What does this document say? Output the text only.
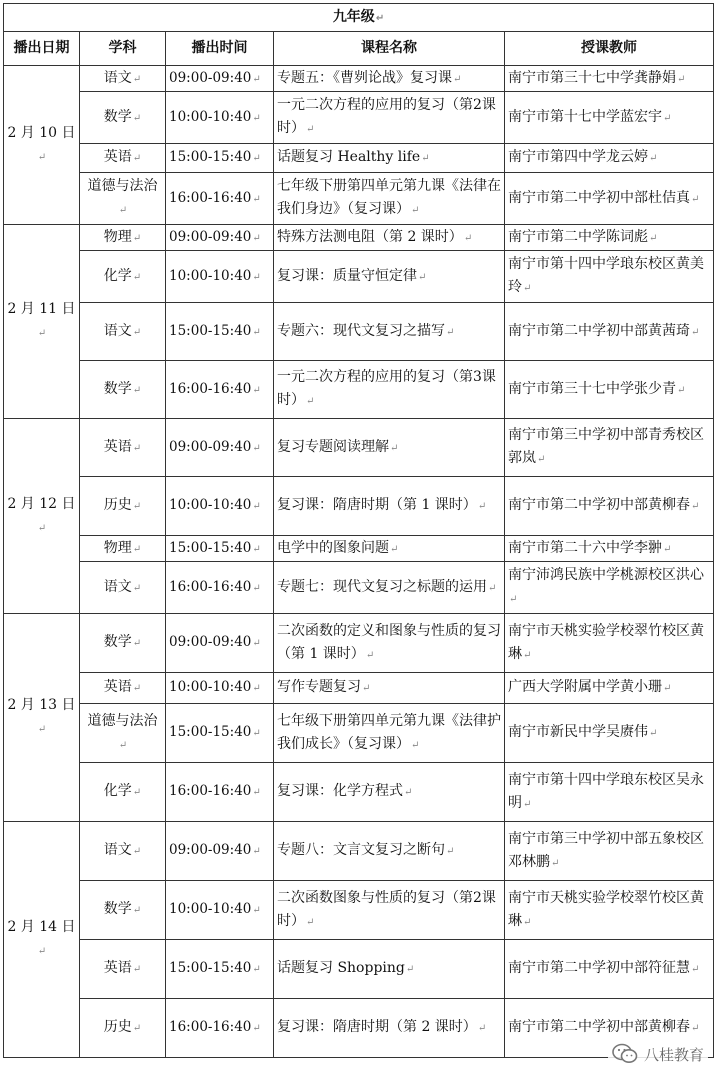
九年级↵				
播出日期	学科	播出时间	课程名称	授课教师
2 月 10 日↵	语文↵	09:00-09:40↵	专题五：《曹刿论战》复习课↵	南宁市第三十七中学龚静娟↵
	数学↵	10:00-10:40↵	一元二次方程的应用的复习（第2课时）↵	南宁市第十七中学蓝宏宇↵
	英语↵	15:00-15:40↵	话题复习 Healthy life↵	南宁市第四中学龙云婷↵
	道德与法治↵	16:00-16:40↵	七年级下册第四单元第九课《法律在我们身边》（复习课）↵	南宁市第二中学初中部杜佶真↵
2 月 11 日↵	物理↵	09:00-09:40↵	特殊方法测电阻（第 2 课时）↵	南宁市第二中学陈词彪↵
	化学↵	10:00-10:40↵	复习课：质量守恒定律↵	南宁市第十四中学琅东校区黄美玲↵
	语文↵	15:00-15:40↵	专题六：现代文复习之描写↵	南宁市第二中学初中部黄茜琦↵
	数学↵	16:00-16:40↵	一元二次方程的应用的复习（第3课时）↵	南宁市第三十七中学张少青↵
2 月 12 日↵	英语↵	09:00-09:40↵	复习专题阅读理解↵	南宁市第三中学初中部青秀校区郭岚↵
	历史↵	10:00-10:40↵	复习课：隋唐时期（第 1 课时）↵	南宁市第二中学初中部黄柳春↵
	物理↵	15:00-15:40↵	电学中的图象问题↵	南宁市第二十六中学李翀↵
	语文↵	16:00-16:40↵	专题七：现代文复习之标题的运用↵	南宁沛鸿民族中学桃源校区洪心↵
2 月 13 日↵	数学↵	09:00-09:40↵	二次函数的定义和图象与性质的复习（第 1 课时）↵	南宁市天桃实验学校翠竹校区黄琳↵
	英语↵	10:00-10:40↵	写作专题复习↵	广西大学附属中学黄小珊↵
	道德与法治↵	15:00-15:40↵	七年级下册第四单元第九课《法律护我们成长》（复习课）↵	南宁市新民中学吴赓伟↵
	化学↵	16:00-16:40↵	复习课：化学方程式↵	南宁市第十四中学琅东校区吴永明↵
2 月 14 日↵	语文↵	09:00-09:40↵	专题八：文言文复习之断句↵	南宁市第三中学初中部五象校区邓林鹏↵
	数学↵	10:00-10:40↵	二次函数图象与性质的复习（第2课时）↵	南宁市天桃实验学校翠竹校区黄琳↵
	英语↵	15:00-15:40↵	话题复习 Shopping↵	南宁市第二中学初中部符征慧↵
	历史↵	16:00-16:40↵	复习课：隋唐时期（第 2 课时）↵	南宁市第二中学初中部黄柳春↵
八桂教育
